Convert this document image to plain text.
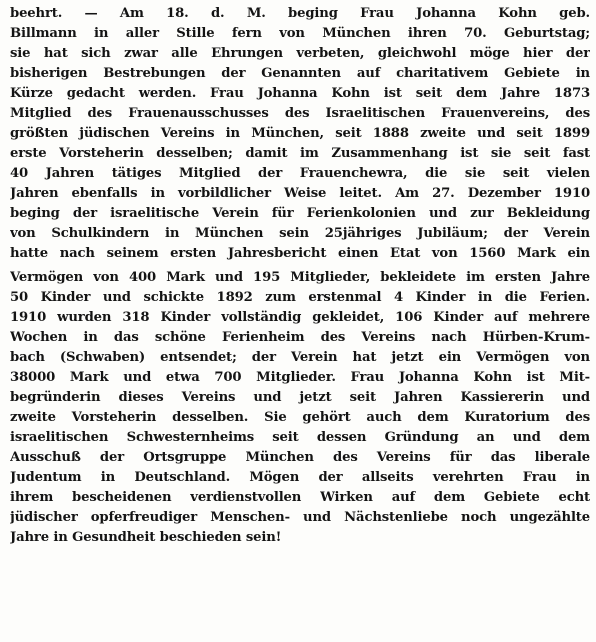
beehrt. — Am 18. d. M. beging Frau Johanna Kohn geb.
Billmann in aller Stille fern von München ihren 70. Geburtstag;
sie hat sich zwar alle Ehrungen verbeten, gleichwohl möge hier der
bisherigen Bestrebungen der Genannten auf charitativem Gebiete in
Kürze gedacht werden. Frau Johanna Kohn ist seit dem Jahre 1873
Mitglied des Frauenausschusses des Israelitischen Frauenvereins, des
größten jüdischen Vereins in München, seit 1888 zweite und seit 1899
erste Vorsteherin desselben; damit im Zusammenhang ist sie seit fast
40 Jahren tätiges Mitglied der Frauenchewra, die sie seit vielen
Jahren ebenfalls in vorbildlicher Weise leitet. Am 27. Dezember 1910
beging der israelitische Verein für Ferienkolonien und zur Bekleidung
von Schulkindern in München sein 25jähriges Jubiläum; der Verein
hatte nach seinem ersten Jahresbericht einen Etat von 1560 Mark ein
Vermögen von 400 Mark und 195 Mitglieder, bekleidete im ersten Jahre
50 Kinder und schickte 1892 zum erstenmal 4 Kinder in die Ferien.
1910 wurden 318 Kinder vollständig gekleidet, 106 Kinder auf mehrere
Wochen in das schöne Ferienheim des Vereins nach Hürben-Krum-
bach (Schwaben) entsendet; der Verein hat jetzt ein Vermögen von
38000 Mark und etwa 700 Mitglieder. Frau Johanna Kohn ist Mit-
begründerin dieses Vereins und jetzt seit Jahren Kassiererin und
zweite Vorsteherin desselben. Sie gehört auch dem Kuratorium des
israelitischen Schwesternheims seit dessen Gründung an und dem
Ausschuß der Ortsgruppe München des Vereins für das liberale
Judentum in Deutschland. Mögen der allseits verehrten Frau in
ihrem bescheidenen verdienstvollen Wirken auf dem Gebiete echt
jüdischer opferfreudiger Menschen- und Nächstenliebe noch ungezählte
Jahre in Gesundheit beschieden sein!
